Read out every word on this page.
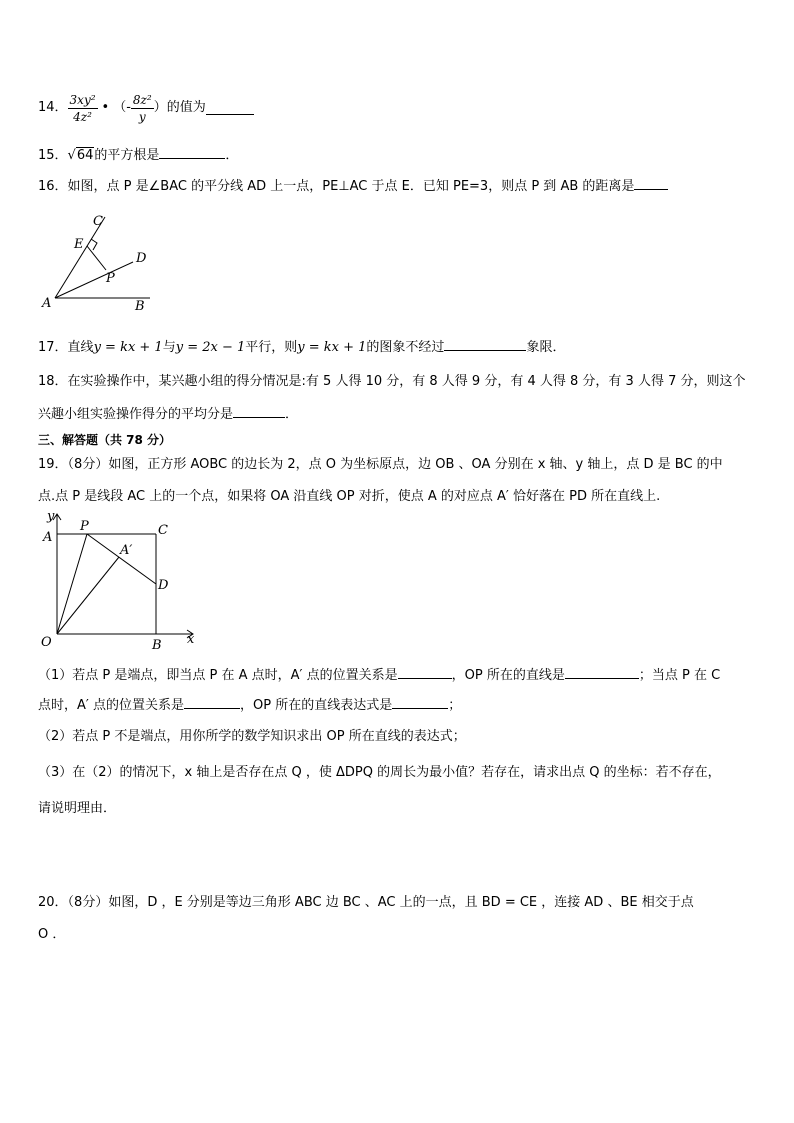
14． $\frac{\text{3xy²}}{\text{4z²}}$ • （- $\frac{\text{8z²}}{y}$ ） 的值为
15．√64的平方根是	．
16．如图，点 P 是∠BAC 的平分线 AD 上一点，PE⊥AC 于点 E．已知 PE=3，则点 P 到 AB 的距离是
C
E
D
P
A	B
17．直线y = kx + 1与y = 2x − 1平行，则y = kx + 1的图象不经过	象限．
18．在实验操作中，某兴趣小组的得分情况是:有 5 人得 10 分，有 8 人得 9 分，有 4 人得 8 分，有 3 人得 7 分，则这个
兴趣小组实验操作得分的平均分是	．
三、解答题（共 78 分）
19．（8分）如图，正方形 AOBC 的边长为 2，点 O 为坐标原点，边 OB 、OA 分别在 x 轴、y 轴上，点 D 是 BC 的中
点.点 P 是线段 AC 上的一个点，如果将 OA 沿直线 OP 对折，使点 A 的对应点 A′ 恰好落在 PD 所在直线上.
y
x
A
P	C
A′
D
O	B
（1）若点 P 是端点，即当点 P 在 A 点时，A′ 点的位置关系是	，OP 所在的直线是	；当点 P 在 C
点时，A′ 点的位置关系是	，OP 所在的直线表达式是	；
（2）若点 P 不是端点，用你所学的数学知识求出 OP 所在直线的表达式；
（3）在（2）的情况下，x 轴上是否存在点 Q ，使 ΔDPQ 的周长为最小值？若存在，请求出点 Q 的坐标：若不存在，
请说明理由．
20．（8分）如图，D ，E 分别是等边三角形 ABC 边 BC 、AC 上的一点，且 BD = CE ，连接 AD 、BE 相交于点
O ．
